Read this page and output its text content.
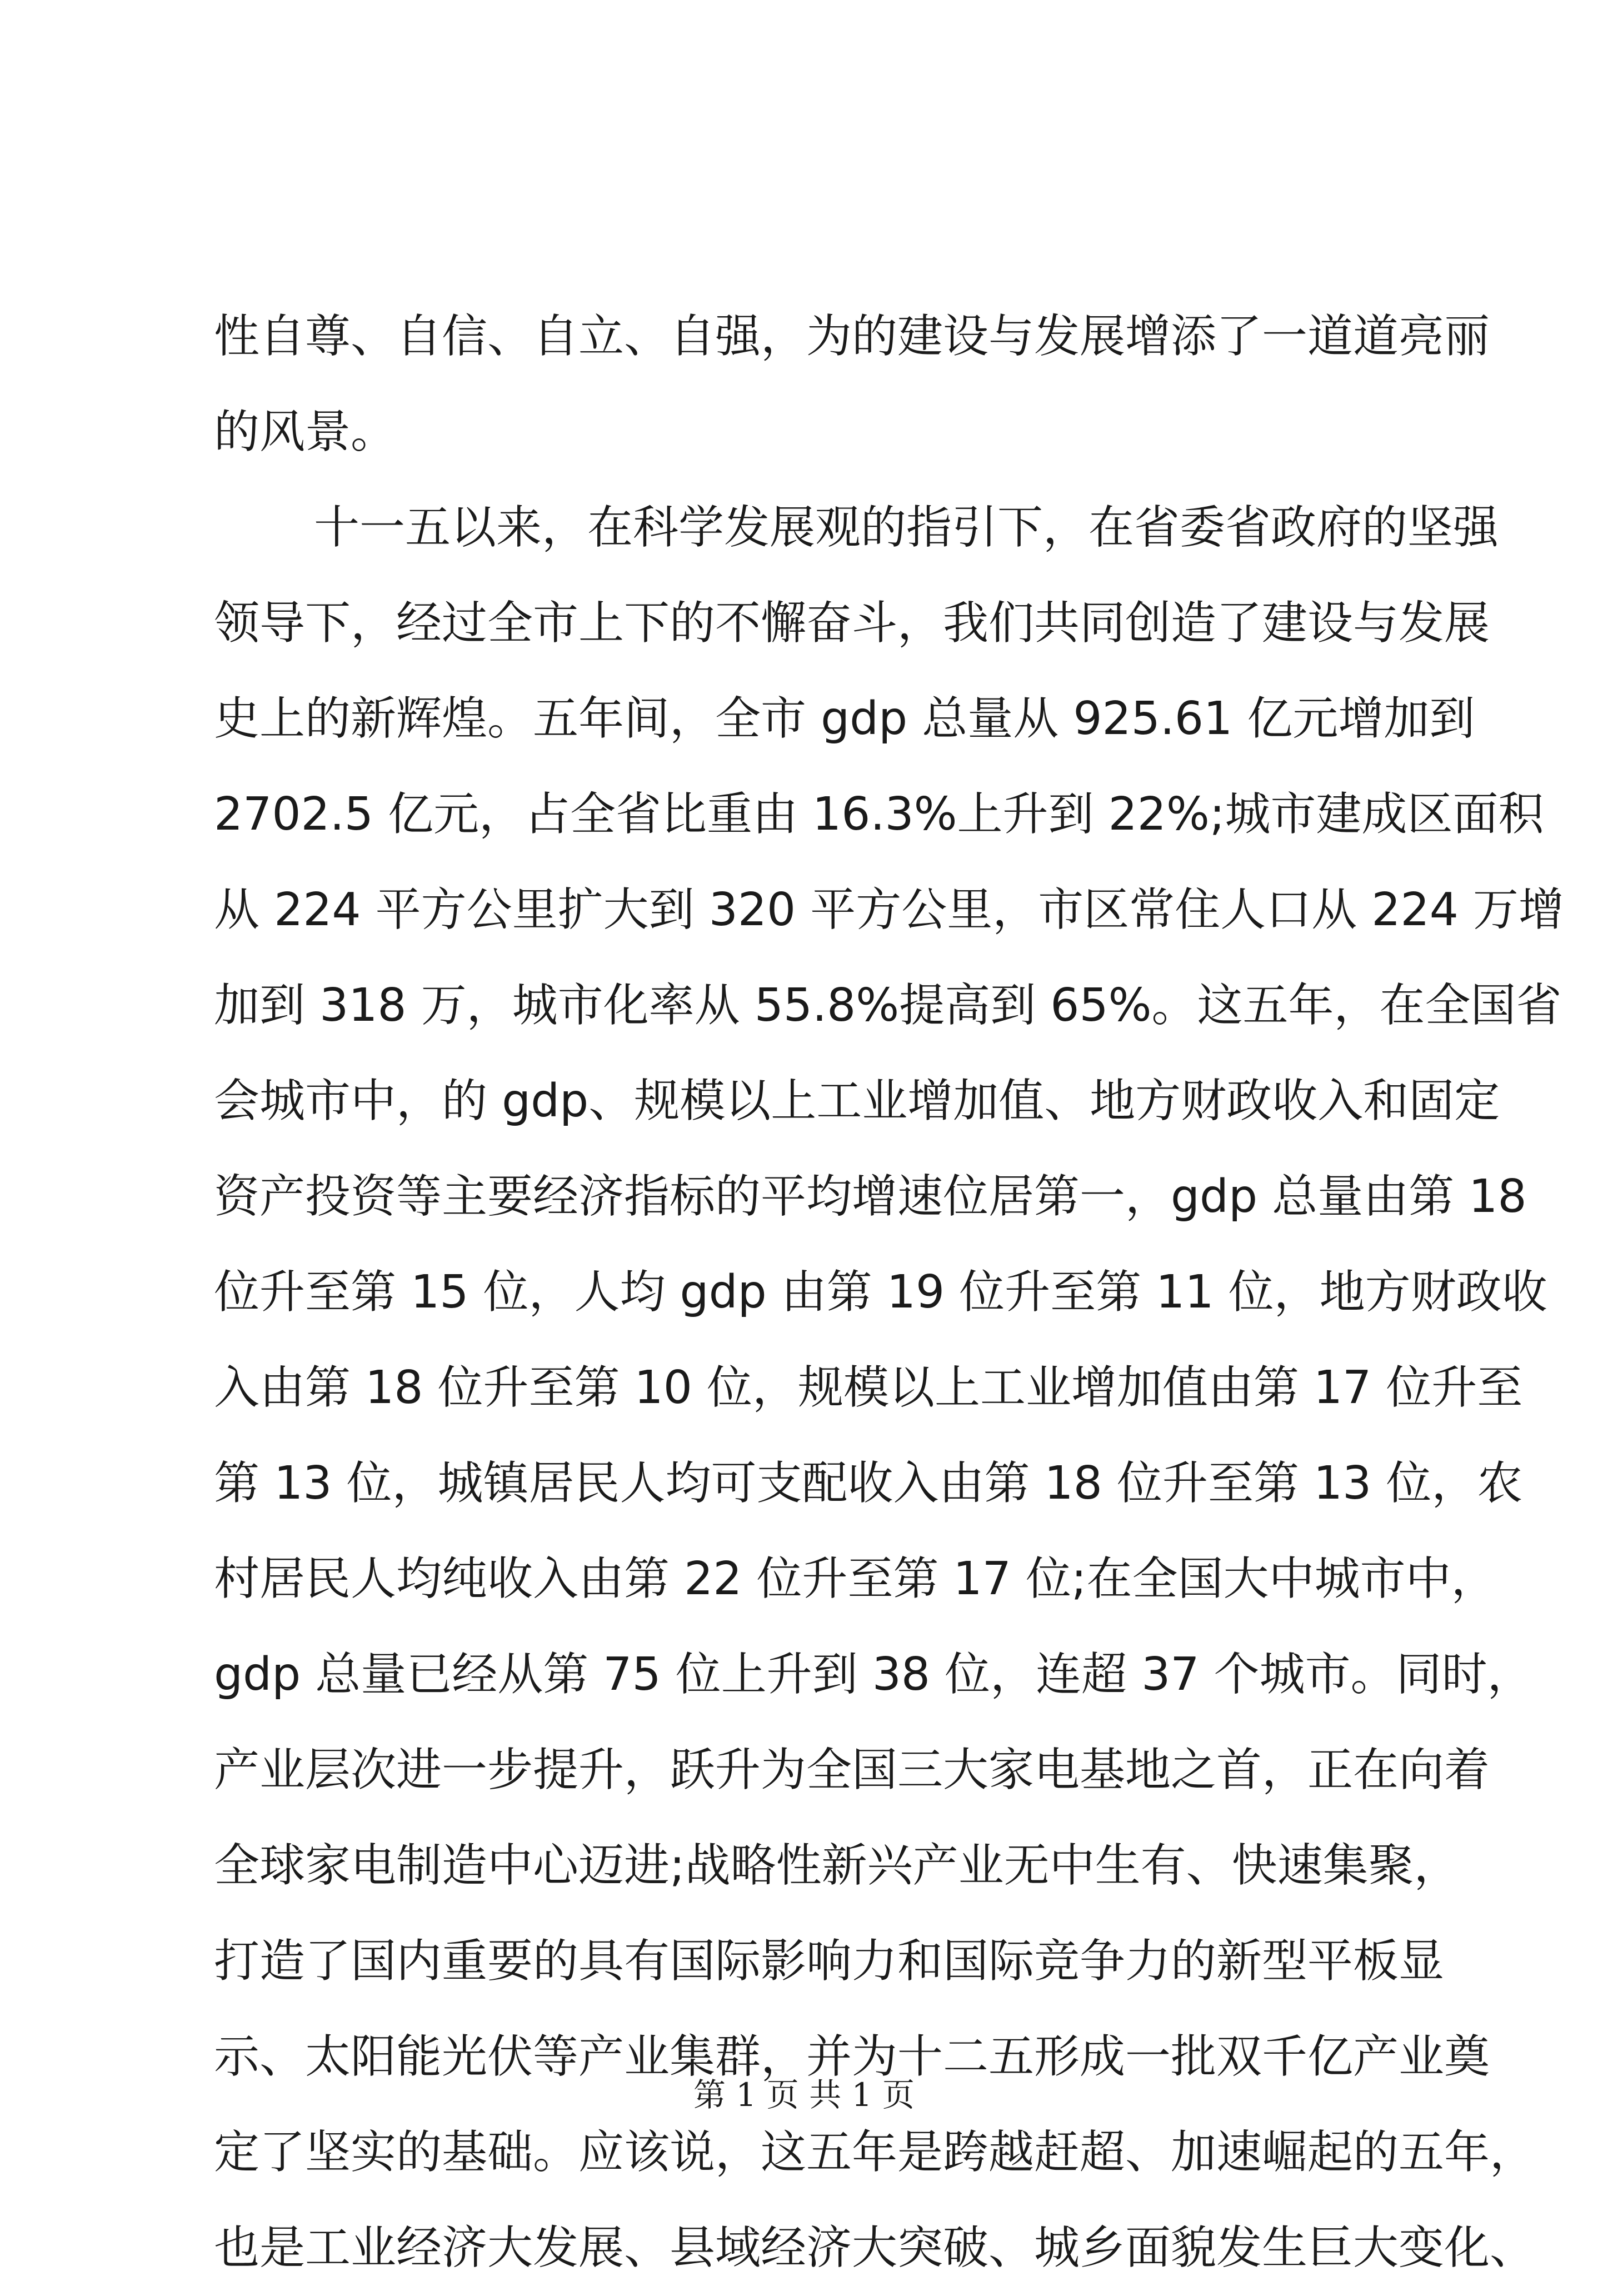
性自尊、自信、自立、自强，为的建设与发展增添了一道道亮丽
的风景。
十一五以来，在科学发展观的指引下，在省委省政府的坚强
领导下，经过全市上下的不懈奋斗，我们共同创造了建设与发展
史上的新辉煌。五年间，全市 gdp 总量从 925.61 亿元增加到
2702.5 亿元，占全省比重由 16.3%上升到 22%;城市建成区面积
从 224 平方公里扩大到 320 平方公里，市区常住人口从 224 万增
加到 318 万，城市化率从 55.8%提高到 65%。这五年，在全国省
会城市中，的 gdp、规模以上工业增加值、地方财政收入和固定
资产投资等主要经济指标的平均增速位居第一，gdp 总量由第 18
位升至第 15 位，人均 gdp 由第 19 位升至第 11 位，地方财政收
入由第 18 位升至第 10 位，规模以上工业增加值由第 17 位升至
第 13 位，城镇居民人均可支配收入由第 18 位升至第 13 位，农
村居民人均纯收入由第 22 位升至第 17 位;在全国大中城市中，
gdp 总量已经从第 75 位上升到 38 位，连超 37 个城市。同时，
产业层次进一步提升，跃升为全国三大家电基地之首，正在向着
全球家电制造中心迈进;战略性新兴产业无中生有、快速集聚，
打造了国内重要的具有国际影响力和国际竞争力的新型平板显
示、太阳能光伏等产业集群，并为十二五形成一批双千亿产业奠
定了坚实的基础。应该说，这五年是跨越赶超、加速崛起的五年，
也是工业经济大发展、县域经济大突破、城乡面貌发生巨大变化、
第 1 页 共 1 页
